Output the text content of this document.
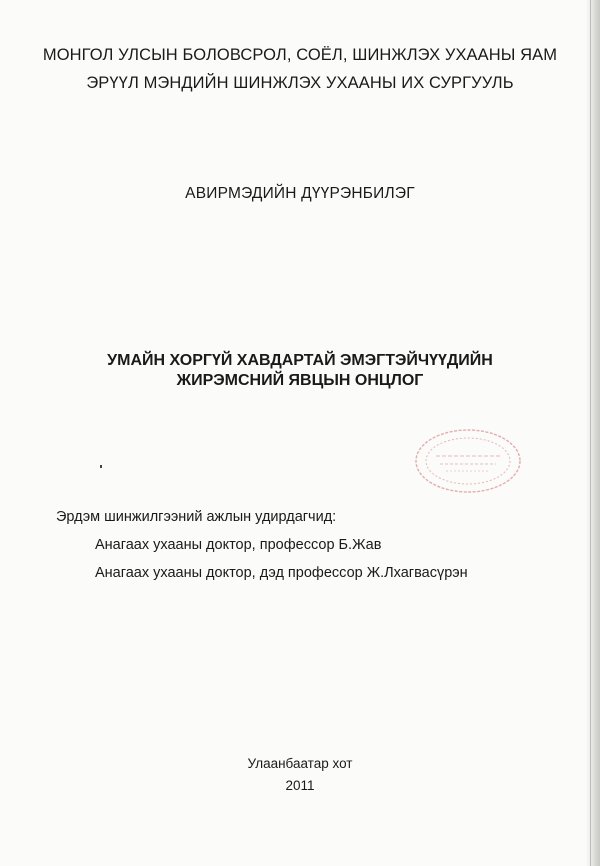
МОНГОЛ УЛСЫН БОЛОВСРОЛ, СОЁЛ, ШИНЖЛЭХ УХААНЫ ЯАМ
ЭРҮҮЛ МЭНДИЙН ШИНЖЛЭХ УХААНЫ ИХ СУРГУУЛЬ
АВИРМЭДИЙН ДҮҮРЭНБИЛЭГ
УМАЙН ХОРГҮЙ ХАВДАРТАЙ ЭМЭГТЭЙЧҮҮДИЙН
ЖИРЭМСНИЙ ЯВЦЫН ОНЦЛОГ
Эрдэм шинжилгээний ажлын удирдагчид:
Анагаах ухааны доктор, профессор Б.Жав
Анагаах ухааны доктор, дэд профессор Ж.Лхагвасүрэн
Улаанбаатар хот
2011
